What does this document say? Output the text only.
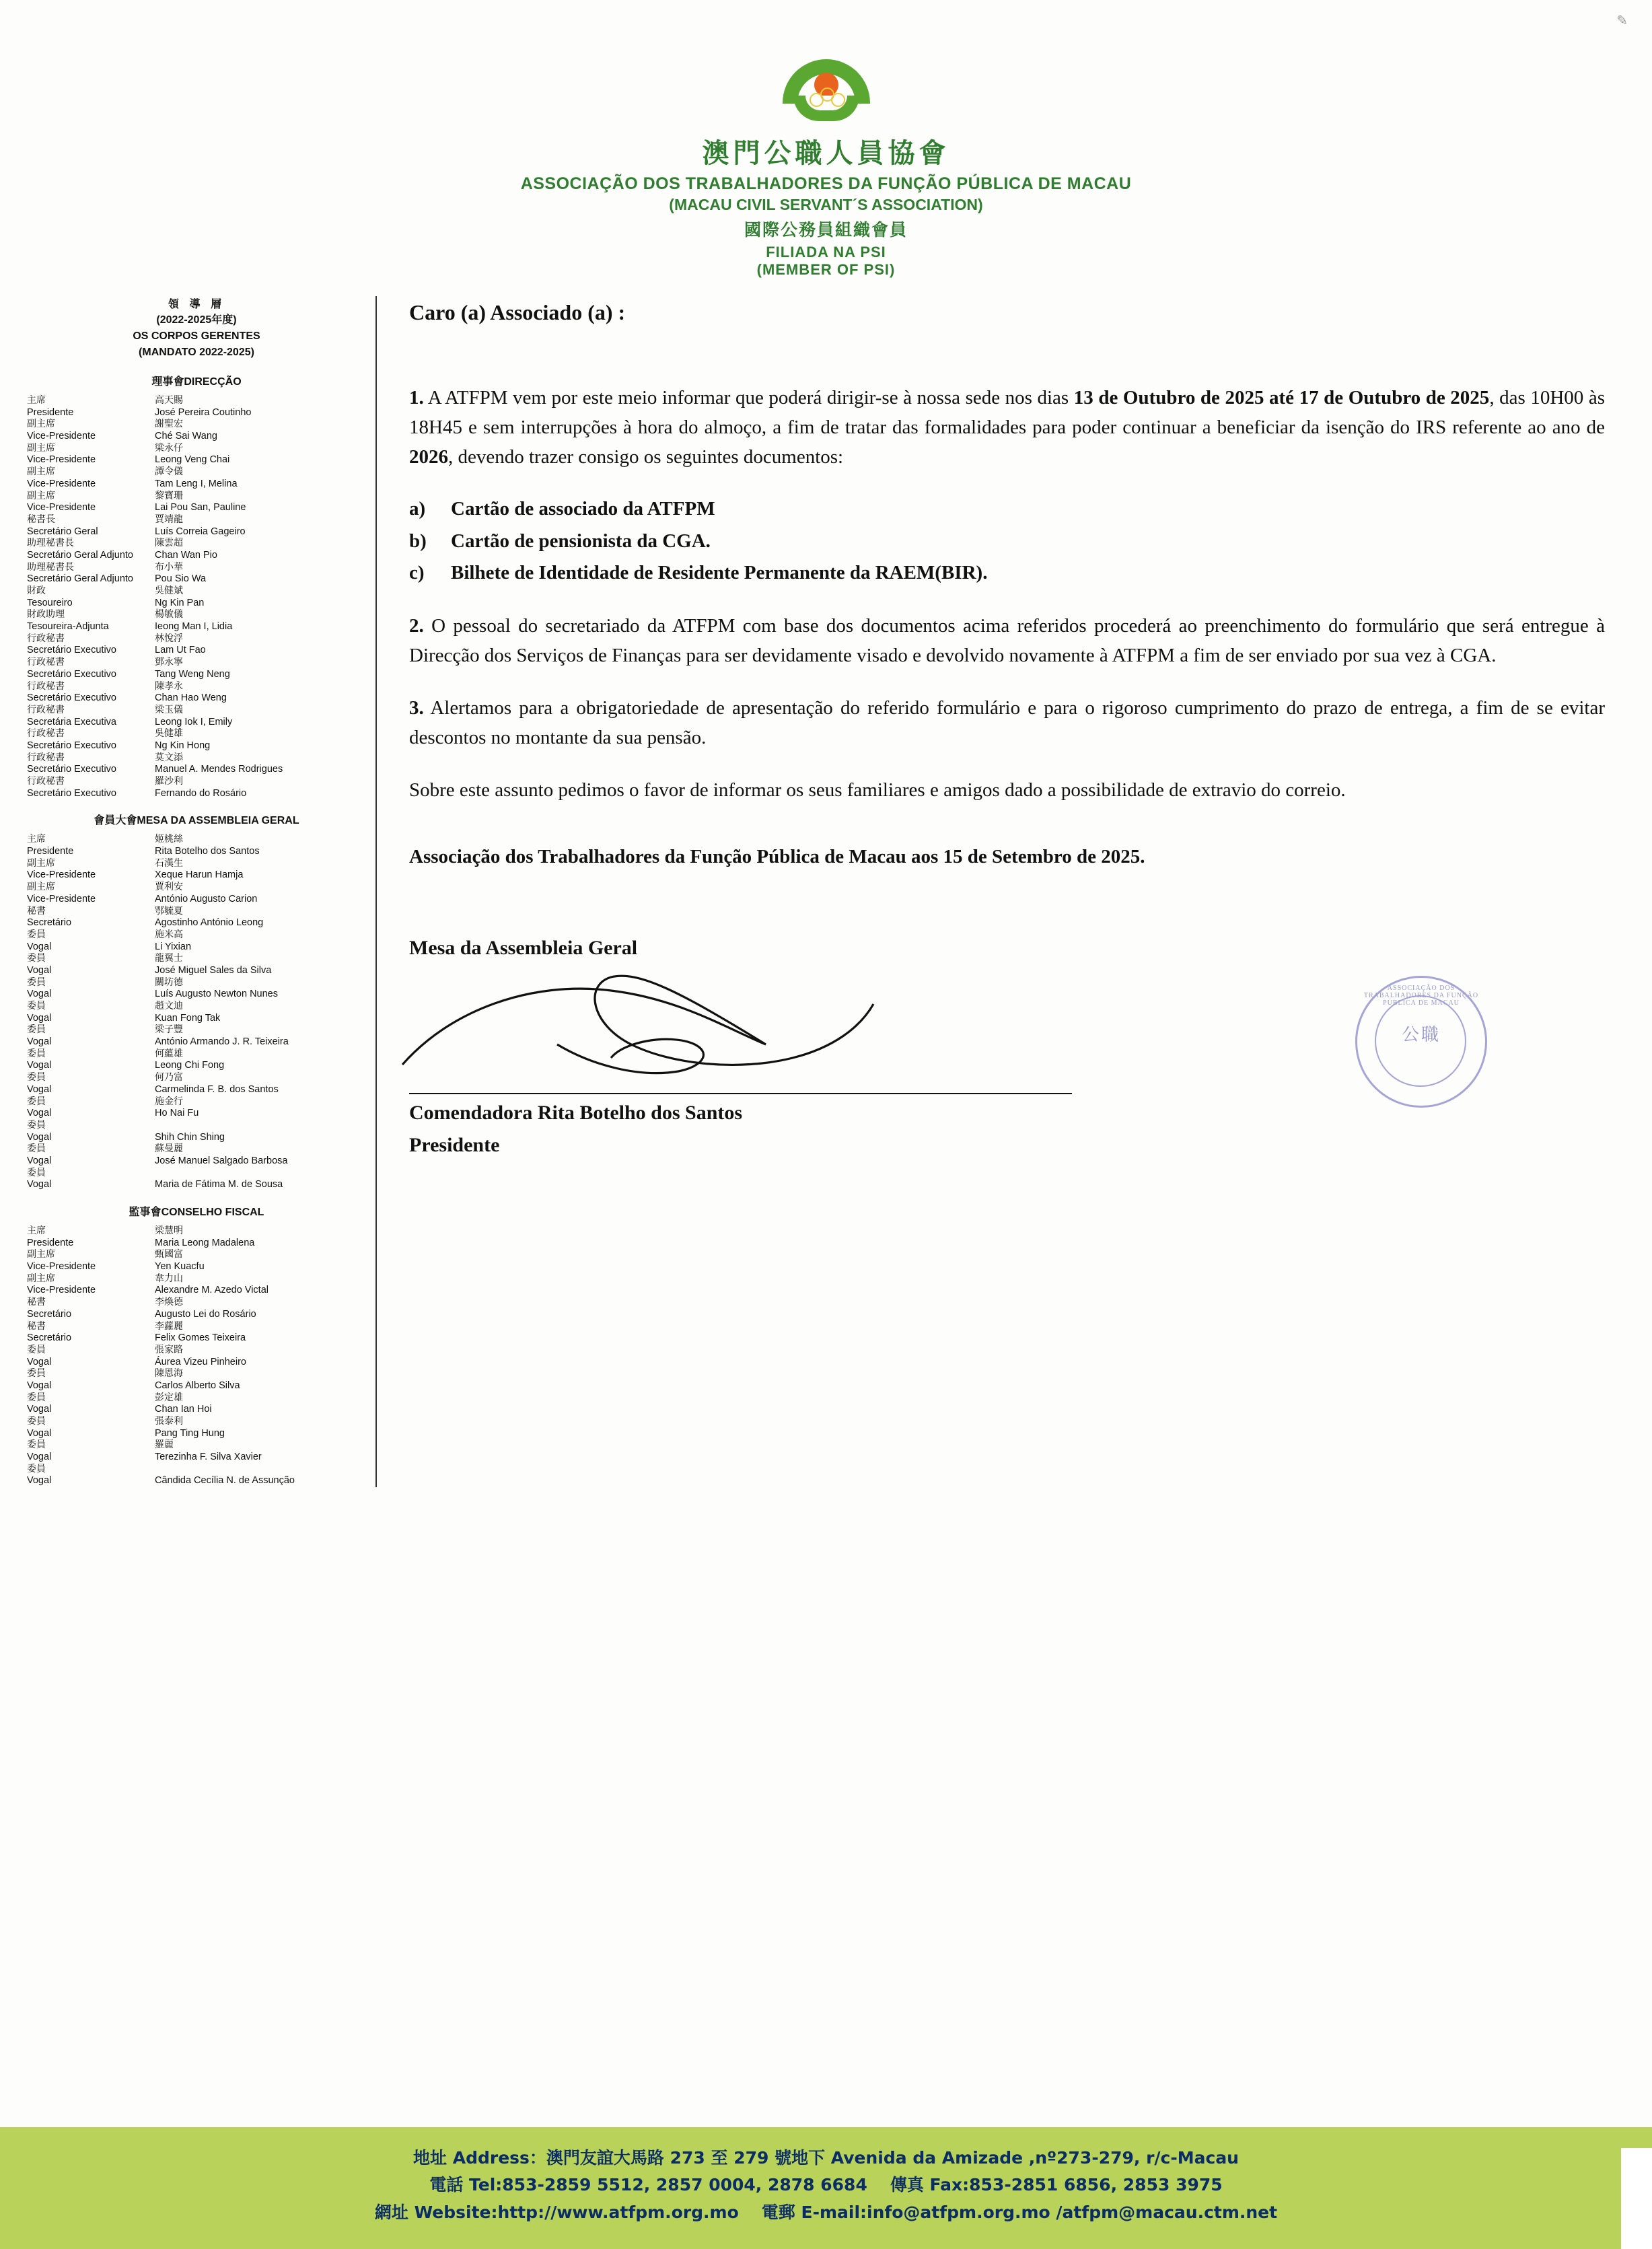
✎
澳門公職人員協會
ASSOCIAÇÃO DOS TRABALHADORES DA FUNÇÃO PÚBLICA DE MACAU
(MACAU CIVIL SERVANT´S ASSOCIATION)
國際公務員組織會員
FILIADA NA PSI
(MEMBER OF PSI)
領 導 層
(2022-2025年度)
OS CORPOS GERENTES
(MANDATO 2022-2025)
理事會DIRECÇÃO
主席	高天賜
Presidente	José Pereira Coutinho
副主席	謝聖宏
Vice-Presidente	Ché Sai Wang
副主席	梁永仔
Vice-Presidente	Leong Veng Chai
副主席	譚令儀
Vice-Presidente	Tam Leng I, Melina
副主席	黎寶珊
Vice-Presidente	Lai Pou San, Pauline
秘書長	賈靖龍
Secretário Geral	Luís Correia Gageiro
助理秘書長	陳雲超
Secretário Geral Adjunto	Chan Wan Pio
助理秘書長	布小華
Secretário Geral Adjunto	Pou Sio Wa
財政	吳健斌
Tesoureiro	Ng Kin Pan
財政助理	楊敏儀
Tesoureira-Adjunta	Ieong Man I, Lidia
行政秘書	林悅浮
Secretário Executivo	Lam Ut Fao
行政秘書	鄧永寧
Secretário Executivo	Tang Weng Neng
行政秘書	陳孝永
Secretário Executivo	Chan Hao Weng
行政秘書	梁玉儀
Secretária Executiva	Leong Iok I, Emily
行政秘書	吳健雄
Secretário Executivo	Ng Kin Hong
行政秘書	莫文添
Secretário Executivo	Manuel A. Mendes Rodrigues
行政秘書	羅沙利
Secretário Executivo	Fernando do Rosário
會員大會MESA DA ASSEMBLEIA GERAL
主席	姬桃絲
Presidente	Rita Botelho dos Santos
副主席	石漢生
Vice-Presidente	Xeque Harun Hamja
副主席	賈利安
Vice-Presidente	António Augusto Carion
秘書	鄂毓夏
Secretário	Agostinho António Leong
委員	施米高
Vogal	Li Yixian
委員	龍翼士
Vogal	José Miguel Sales da Silva
委員	關坊德
Vogal	Luís Augusto Newton Nunes
委員	趙文迪
Vogal	Kuan Fong Tak
委員	梁子豐
Vogal	António Armando J. R. Teixeira
委員	何蘊雄
Vogal	Leong Chi Fong
委員	何乃富
Vogal	Carmelinda F. B. dos Santos
委員	施金行
Vogal	Ho Nai Fu
委員
Vogal	Shih Chin Shing
委員	蘇曼麗
Vogal	José Manuel Salgado Barbosa
委員
Vogal	Maria de Fátima M. de Sousa
監事會CONSELHO FISCAL
主席	梁慧明
Presidente	Maria Leong Madalena
副主席	甄國富
Vice-Presidente	Yen Kuacfu
副主席	韋力山
Vice-Presidente	Alexandre M. Azedo Victal
秘書	李煥德
Secretário	Augusto Lei do Rosário
秘書	李蘿麗
Secretário	Felix Gomes Teixeira
委員	張家路
Vogal	Áurea Vizeu Pinheiro
委員	陳恩海
Vogal	Carlos Alberto Silva
委員	彭定雄
Vogal	Chan Ian Hoi
委員	張泰利
Vogal	Pang Ting Hung
委員	羅麗
Vogal	Terezinha F. Silva Xavier
委員
Vogal	Cândida Cecília N. de Assunção
Caro (a) Associado (a) :
1. A ATFPM vem por este meio informar que poderá dirigir-se à nossa sede nos dias 13 de Outubro de 2025 até 17 de Outubro de 2025, das 10H00 às 18H45 e sem interrupções à hora do almoço, a fim de tratar das formalidades para poder continuar a beneficiar da isenção do IRS referente ao ano de 2026, devendo trazer consigo os seguintes documentos:
a)	Cartão de associado da ATFPM
b)	Cartão de pensionista da CGA.
c)	Bilhete de Identidade de Residente Permanente da RAEM(BIR).
2. O pessoal do secretariado da ATFPM com base dos documentos acima referidos procederá ao preenchimento do formulário que será entregue à Direcção dos Serviços de Finanças para ser devidamente visado e devolvido novamente à ATFPM a fim de ser enviado por sua vez à CGA.
3. Alertamos para a obrigatoriedade de apresentação do referido formulário e para o rigoroso cumprimento do prazo de entrega, a fim de se evitar descontos no montante da sua pensão.
Sobre este assunto pedimos o favor de informar os seus familiares e amigos dado a possibilidade de extravio do correio.
Associação dos Trabalhadores da Função Pública de Macau aos 15 de Setembro de 2025.
Mesa da Assembleia Geral
ASSOCIAÇÃO DOS TRABALHADORES DA FUNÇÃO PÚBLICA DE MACAU
公職
Comendadora Rita Botelho dos Santos
Presidente
地址 Address：澳門友誼大馬路 273 至 279 號地下 Avenida da Amizade ,nº273-279, r/c-Macau
電話 Tel:853-2859 5512, 2857 0004, 2878 6684 傳真 Fax:853-2851 6856, 2853 3975
網址 Website:http://www.atfpm.org.mo 電郵 E-mail:info@atfpm.org.mo /atfpm@macau.ctm.net
